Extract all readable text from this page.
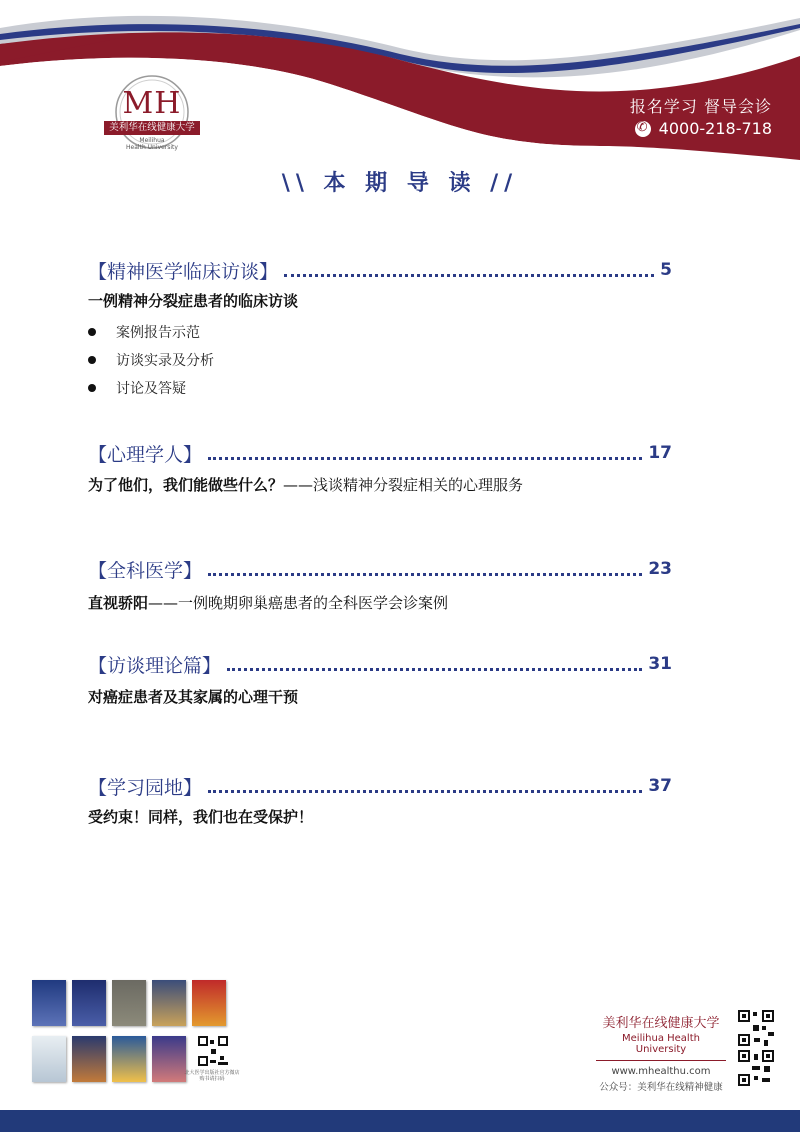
MH
美利华在线健康大学
Meilihua
Health University
报名学习 督导会诊
✆
4000-218-718
\\ 本 期 导 读 //
【精神医学临床访谈】	5
一例精神分裂症患者的临床访谈
案例报告示范
访谈实录及分析
讨论及答疑
【心理学人】	17
为了他们，我们能做些什么？——浅谈精神分裂症相关的心理服务
【全科医学】	23
直视骄阳——一例晚期卵巢癌患者的全科医学会诊案例
【访谈理论篇】	31
对癌症患者及其家属的心理干预
【学习园地】	37
受约束！同样，我们也在受保护！
北大医学出版社官方微店
购书请扫码
美利华在线健康大学
Meilihua Health University
www.mhealthu.com
公众号：美利华在线精神健康
